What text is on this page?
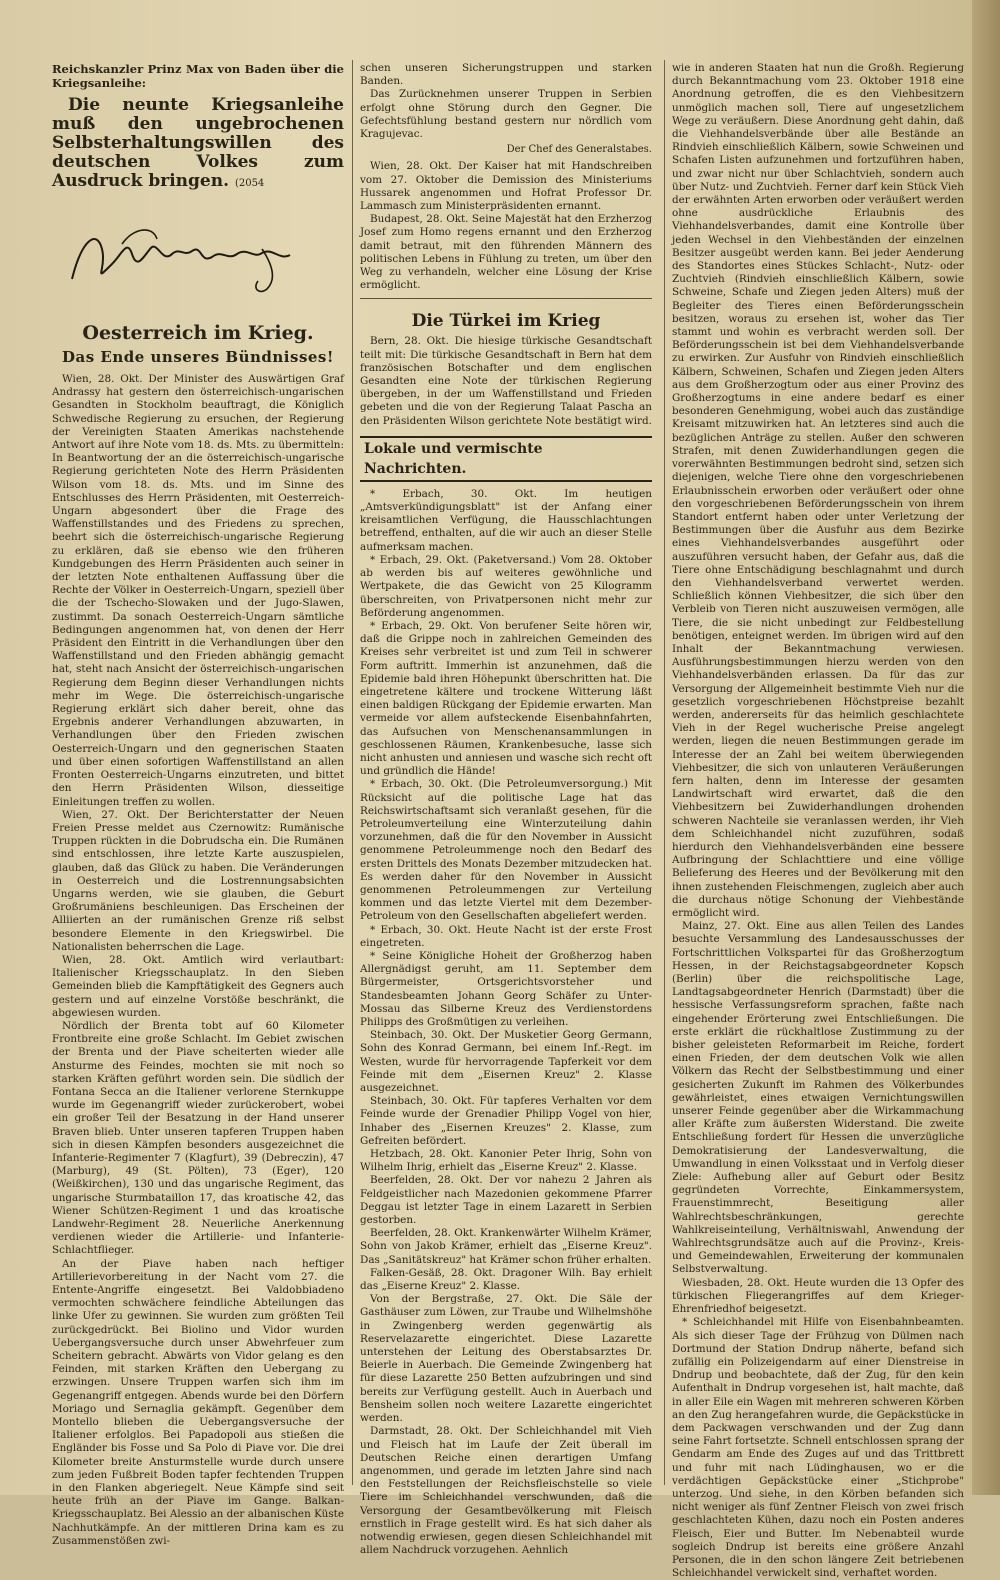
Reichskanzler Prinz Max von Baden über die Kriegsanleihe:
Die neunte Kriegsanleihe muß den ungebrochenen Selbsterhaltungswillen des deutschen Volkes zum Ausdruck bringen. (2054
Oesterreich im Krieg.
Das Ende unseres Bündnisses!

Wien, 28. Okt. Der Minister des Auswärtigen Graf Andrassy hat gestern den österreichisch-ungarischen Gesandten in Stockholm beauftragt, die Königlich Schwedische Regierung zu ersuchen, der Regierung der Vereinigten Staaten Amerikas nachstehende Antwort auf ihre Note vom 18. ds. Mts. zu übermitteln: In Beantwortung der an die österreichisch-ungarische Regierung gerichteten Note des Herrn Präsidenten Wilson vom 18. ds. Mts. und im Sinne des Entschlusses des Herrn Präsidenten, mit Oesterreich-Ungarn abgesondert über die Frage des Waffenstillstandes und des Friedens zu sprechen, beehrt sich die österreichisch-ungarische Regierung zu erklären, daß sie ebenso wie den früheren Kundgebungen des Herrn Präsidenten auch seiner in der letzten Note enthaltenen Auffassung über die Rechte der Völker in Oesterreich-Ungarn, speziell über die der Tschecho-Slowaken und der Jugo-Slawen, zustimmt. Da sonach Oesterreich-Ungarn sämtliche Bedingungen angenommen hat, von denen der Herr Präsident den Eintritt in die Verhandlungen über den Waffenstillstand und den Frieden abhängig gemacht hat, steht nach Ansicht der österreichisch-ungarischen Regierung dem Beginn dieser Verhandlungen nichts mehr im Wege. Die österreichisch-ungarische Regierung erklärt sich daher bereit, ohne das Ergebnis anderer Verhandlungen abzuwarten, in Verhandlungen über den Frieden zwischen Oesterreich-Ungarn und den gegnerischen Staaten und über einen sofortigen Waffenstillstand an allen Fronten Oesterreich-Ungarns einzutreten, und bittet den Herrn Präsidenten Wilson, diesseitige Einleitungen treffen zu wollen.

Wien, 27. Okt. Der Berichterstatter der Neuen Freien Presse meldet aus Czernowitz: Rumänische Truppen rückten in die Dobrudscha ein. Die Rumänen sind entschlossen, ihre letzte Karte auszuspielen, glauben, daß das Glück zu haben. Die Veränderungen in Oesterreich und die Lostrennungsabsichten Ungarns werden, wie sie glauben, die Geburt Großrumäniens beschleunigen. Das Erscheinen der Alliierten an der rumänischen Grenze riß selbst besondere Elemente in den Kriegswirbel. Die Nationalisten beherrschen die Lage.

Wien, 28. Okt. Amtlich wird verlautbart: Italienischer Kriegsschauplatz. In den Sieben Gemeinden blieb die Kampftätigkeit des Gegners auch gestern und auf einzelne Vorstöße beschränkt, die abgewiesen wurden.

Nördlich der Brenta tobt auf 60 Kilometer Frontbreite eine große Schlacht. Im Gebiet zwischen der Brenta und der Piave scheiterten wieder alle Ansturme des Feindes, mochten sie mit noch so starken Kräften geführt worden sein. Die südlich der Fontana Secca an die Italiener verlorene Sternkuppe wurde im Gegenangriff wieder zurückerobert, wobei ein großer Teil der Besatzung in der Hand unserer Braven blieb. Unter unseren tapferen Truppen haben sich in diesen Kämpfen besonders ausgezeichnet die Infanterie-Regimenter 7 (Klagfurt), 39 (Debreczin), 47 (Marburg), 49 (St. Pölten), 73 (Eger), 120 (Weißkirchen), 130 und das ungarische Regiment, das ungarische Sturmbataillon 17, das kroatische 42, das Wiener Schützen-Regiment 1 und das kroatische Landwehr-Regiment 28. Neuerliche Anerkennung verdienen wieder die Artillerie- und Infanterie-Schlachtflieger.

An der Piave haben nach heftiger Artillerievorbereitung in der Nacht vom 27. die Entente-Angriffe eingesetzt. Bei Valdobbiadeno vermochten schwächere feindliche Abteilungen das linke Ufer zu gewinnen. Sie wurden zum größten Teil zurückgedrückt. Bei Biolino und Vidor wurden Uebergangsversuche durch unser Abwehrfeuer zum Scheitern gebracht. Abwärts von Vidor gelang es den Feinden, mit starken Kräften den Uebergang zu erzwingen. Unsere Truppen warfen sich ihm im Gegenangriff entgegen. Abends wurde bei den Dörfern Moriago und Sernaglia gekämpft. Gegenüber dem Montello blieben die Uebergangsversuche der Italiener erfolglos. Bei Papadopoli aus stießen die Engländer bis Fosse und Sa Polo di Piave vor. Die drei Kilometer breite Ansturmstelle wurde durch unsere zum jeden Fußbreit Boden tapfer fechtenden Truppen in den Flanken abgeriegelt. Neue Kämpfe sind seit heute früh an der Piave im Gange. Balkan-Kriegsschauplatz. Bei Alessio an der albanischen Küste Nachhutkämpfe. An der mittleren Drina kam es zu Zusammenstößen zwi-

schen unseren Sicherungstruppen und starken Banden.

Das Zurücknehmen unserer Truppen in Serbien erfolgt ohne Störung durch den Gegner. Die Gefechtsfühlung bestand gestern nur nördlich vom Kragujevac.

Der Chef des Generalstabes.

Wien, 28. Okt. Der Kaiser hat mit Handschreiben vom 27. Oktober die Demission des Ministeriums Hussarek angenommen und Hofrat Professor Dr. Lammasch zum Ministerpräsidenten ernannt.

Budapest, 28. Okt. Seine Majestät hat den Erzherzog Josef zum Homo regens ernannt und den Erzherzog damit betraut, mit den führenden Männern des politischen Lebens in Fühlung zu treten, um über den Weg zu verhandeln, welcher eine Lösung der Krise ermöglicht.

Die Türkei im Krieg

Bern, 28. Okt. Die hiesige türkische Gesandtschaft teilt mit: Die türkische Gesandtschaft in Bern hat dem französischen Botschafter und dem englischen Gesandten eine Note der türkischen Regierung übergeben, in der um Waffenstillstand und Frieden gebeten und die von der Regierung Talaat Pascha an den Präsidenten Wilson gerichtete Note bestätigt wird.

Lokale und vermischte Nachrichten.

* Erbach, 30. Okt. Im heutigen „Amtsverkündigungsblatt" ist der Anfang einer kreisamtlichen Verfügung, die Hausschlachtungen betreffend, enthalten, auf die wir auch an dieser Stelle aufmerksam machen.

* Erbach, 29. Okt. (Paketversand.) Vom 28. Oktober ab werden bis auf weiteres gewöhnliche und Wertpakete, die das Gewicht von 25 Kilogramm überschreiten, von Privatpersonen nicht mehr zur Beförderung angenommen.

* Erbach, 29. Okt. Von berufener Seite hören wir, daß die Grippe noch in zahlreichen Gemeinden des Kreises sehr verbreitet ist und zum Teil in schwerer Form auftritt. Immerhin ist anzunehmen, daß die Epidemie bald ihren Höhepunkt überschritten hat. Die eingetretene kältere und trockene Witterung läßt einen baldigen Rückgang der Epidemie erwarten. Man vermeide vor allem aufsteckende Eisenbahnfahrten, das Aufsuchen von Menschenansammlungen in geschlossenen Räumen, Krankenbesuche, lasse sich nicht anhusten und anniesen und wasche sich recht oft und gründlich die Hände!

* Erbach, 30. Okt. (Die Petroleumversorgung.) Mit Rücksicht auf die politische Lage hat das Reichswirtschaftsamt sich veranlaßt gesehen, für die Petroleumverteilung eine Winterzuteilung dahin vorzunehmen, daß die für den November in Aussicht genommene Petroleummenge noch den Bedarf des ersten Drittels des Monats Dezember mitzudecken hat. Es werden daher für den November in Aussicht genommenen Petroleummengen zur Verteilung kommen und das letzte Viertel mit dem Dezember-Petroleum von den Gesellschaften abgeliefert werden.

* Erbach, 30. Okt. Heute Nacht ist der erste Frost eingetreten.

* Seine Königliche Hoheit der Großherzog haben Allergnädigst geruht, am 11. September dem Bürgermeister, Ortsgerichtsvorsteher und Standesbeamten Johann Georg Schäfer zu Unter-Mossau das Silberne Kreuz des Verdienstordens Philipps des Großmütigen zu verleihen.

Steinbach, 30. Okt. Der Musketier Georg Germann, Sohn des Konrad Germann, bei einem Inf.-Regt. im Westen, wurde für hervorragende Tapferkeit vor dem Feinde mit dem „Eisernen Kreuz" 2. Klasse ausgezeichnet.

Steinbach, 30. Okt. Für tapferes Verhalten vor dem Feinde wurde der Grenadier Philipp Vogel von hier, Inhaber des „Eisernen Kreuzes" 2. Klasse, zum Gefreiten befördert.

Hetzbach, 28. Okt. Kanonier Peter Ihrig, Sohn von Wilhelm Ihrig, erhielt das „Eiserne Kreuz" 2. Klasse.

Beerfelden, 28. Okt. Der vor nahezu 2 Jahren als Feldgeistlicher nach Mazedonien gekommene Pfarrer Deggau ist letzter Tage in einem Lazarett in Serbien gestorben.

Beerfelden, 28. Okt. Krankenwärter Wilhelm Krämer, Sohn von Jakob Krämer, erhielt das „Eiserne Kreuz". Das „Sanitätskreuz" hat Krämer schon früher erhalten.

Falken-Gesäß, 28. Okt. Dragoner Wilh. Bay erhielt das „Eiserne Kreuz" 2. Klasse.

Von der Bergstraße, 27. Okt. Die Säle der Gasthäuser zum Löwen, zur Traube und Wilhelmshöhe in Zwingenberg werden gegenwärtig als Reservelazarette eingerichtet. Diese Lazarette unterstehen der Leitung des Oberstabsarztes Dr. Beierle in Auerbach. Die Gemeinde Zwingenberg hat für diese Lazarette 250 Betten aufzubringen und sind bereits zur Verfügung gestellt. Auch in Auerbach und Bensheim sollen noch weitere Lazarette eingerichtet werden.

Darmstadt, 28. Okt. Der Schleichhandel mit Vieh und Fleisch hat im Laufe der Zeit überall im Deutschen Reiche einen derartigen Umfang angenommen, und gerade im letzten Jahre sind nach den Feststellungen der Reichsfleischstelle so viele Tiere im Schleichhandel verschwunden, daß die Versorgung der Gesamtbevölkerung mit Fleisch ernstlich in Frage gestellt wird. Es hat sich daher als notwendig erwiesen, gegen diesen Schleichhandel mit allem Nachdruck vorzugehen. Aehnlich

wie in anderen Staaten hat nun die Großh. Regierung durch Bekanntmachung vom 23. Oktober 1918 eine Anordnung getroffen, die es den Viehbesitzern unmöglich machen soll, Tiere auf ungesetzlichem Wege zu veräußern. Diese Anordnung geht dahin, daß die Viehhandelsverbände über alle Bestände an Rindvieh einschließlich Kälbern, sowie Schweinen und Schafen Listen aufzunehmen und fortzuführen haben, und zwar nicht nur über Schlachtvieh, sondern auch über Nutz- und Zuchtvieh. Ferner darf kein Stück Vieh der erwähnten Arten erworben oder veräußert werden ohne ausdrückliche Erlaubnis des Viehhandelsverbandes, damit eine Kontrolle über jeden Wechsel in den Viehbeständen der einzelnen Besitzer ausgeübt werden kann. Bei jeder Aenderung des Standortes eines Stückes Schlacht-, Nutz- oder Zuchtvieh (Rindvieh einschließlich Kälbern, sowie Schweine, Schafe und Ziegen jeden Alters) muß der Begleiter des Tieres einen Beförderungsschein besitzen, woraus zu ersehen ist, woher das Tier stammt und wohin es verbracht werden soll. Der Beförderungsschein ist bei dem Viehhandelsverbande zu erwirken. Zur Ausfuhr von Rindvieh einschließlich Kälbern, Schweinen, Schafen und Ziegen jeden Alters aus dem Großherzogtum oder aus einer Provinz des Großherzogtums in eine andere bedarf es einer besonderen Genehmigung, wobei auch das zuständige Kreisamt mitzuwirken hat. An letzteres sind auch die bezüglichen Anträge zu stellen. Außer den schweren Strafen, mit denen Zuwiderhandlungen gegen die vorerwähnten Bestimmungen bedroht sind, setzen sich diejenigen, welche Tiere ohne den vorgeschriebenen Erlaubnisschein erworben oder veräußert oder ohne den vorgeschriebenen Beförderungsschein von ihrem Standort entfernt haben oder unter Verletzung der Bestimmungen über die Ausfuhr aus dem Bezirke eines Viehhandelsverbandes ausgeführt oder auszuführen versucht haben, der Gefahr aus, daß die Tiere ohne Entschädigung beschlagnahmt und durch den Viehhandelsverband verwertet werden. Schließlich können Viehbesitzer, die sich über den Verbleib von Tieren nicht auszuweisen vermögen, alle Tiere, die sie nicht unbedingt zur Feldbestellung benötigen, enteignet werden. Im übrigen wird auf den Inhalt der Bekanntmachung verwiesen. Ausführungsbestimmungen hierzu werden von den Viehhandelsverbänden erlassen. Da für das zur Versorgung der Allgemeinheit bestimmte Vieh nur die gesetzlich vorgeschriebenen Höchstpreise bezahlt werden, andererseits für das heimlich geschlachtete Vieh in der Regel wucherische Preise angelegt werden, liegen die neuen Bestimmungen gerade im Interesse der an Zahl bei weitem überwiegenden Viehbesitzer, die sich von unlauteren Veräußerungen fern halten, denn im Interesse der gesamten Landwirtschaft wird erwartet, daß die den Viehbesitzern bei Zuwiderhandlungen drohenden schweren Nachteile sie veranlassen werden, ihr Vieh dem Schleichhandel nicht zuzuführen, sodaß hierdurch den Viehhandelsverbänden eine bessere Aufbringung der Schlachttiere und eine völlige Belieferung des Heeres und der Bevölkerung mit den ihnen zustehenden Fleischmengen, zugleich aber auch die durchaus nötige Schonung der Viehbestände ermöglicht wird.

Mainz, 27. Okt. Eine aus allen Teilen des Landes besuchte Versammlung des Landesausschusses der Fortschrittlichen Volkspartei für das Großherzogtum Hessen, in der Reichstagsabgeordneter Kopsch (Berlin) über die reichspolitische Lage, Landtagsabgeordneter Henrich (Darmstadt) über die hessische Verfassungsreform sprachen, faßte nach eingehender Erörterung zwei Entschließungen. Die erste erklärt die rückhaltlose Zustimmung zu der bisher geleisteten Reformarbeit im Reiche, fordert einen Frieden, der dem deutschen Volk wie allen Völkern das Recht der Selbstbestimmung und einer gesicherten Zukunft im Rahmen des Völkerbundes gewährleistet, eines etwaigen Vernichtungswillen unserer Feinde gegenüber aber die Wirkammachung aller Kräfte zum äußersten Widerstand. Die zweite Entschließung fordert für Hessen die unverzügliche Demokratisierung der Landesverwaltung, die Umwandlung in einen Volksstaat und in Verfolg dieser Ziele: Aufhebung aller auf Geburt oder Besitz gegründeten Vorrechte, Einkammersystem, Frauenstimmrecht, Beseitigung aller Wahlrechtsbeschränkungen, gerechte Wahlkreiseinteilung, Verhältniswahl, Anwendung der Wahlrechtsgrundsätze auch auf die Provinz-, Kreis- und Gemeindewahlen, Erweiterung der kommunalen Selbstverwaltung.

Wiesbaden, 28. Okt. Heute wurden die 13 Opfer des türkischen Fliegerangriffes auf dem Krieger-Ehrenfriedhof beigesetzt.

* Schleichhandel mit Hilfe von Eisenbahnbeamten. Als sich dieser Tage der Frühzug von Dülmen nach Dortmund der Station Dndrup näherte, befand sich zufällig ein Polizeigendarm auf einer Dienstreise in Dndrup und beobachtete, daß der Zug, für den kein Aufenthalt in Dndrup vorgesehen ist, halt machte, daß in aller Eile ein Wagen mit mehreren schweren Körben an den Zug herangefahren wurde, die Gepäckstücke in dem Packwagen verschwanden und der Zug dann seine Fahrt fortsetzte. Schnell entschlossen sprang der Gendarm am Ende des Zuges auf und das Trittbrett und fuhr mit nach Lüdinghausen, wo er die verdächtigen Gepäckstücke einer „Stichprobe" unterzog. Und siehe, in den Körben befanden sich nicht weniger als fünf Zentner Fleisch von zwei frisch geschlachteten Kühen, dazu noch ein Posten anderes Fleisch, Eier und Butter. Im Nebenabteil wurde sogleich Dndrup ist bereits eine größere Anzahl Personen, die in den schon längere Zeit betriebenen Schleichhandel verwickelt sind, verhaftet worden.
